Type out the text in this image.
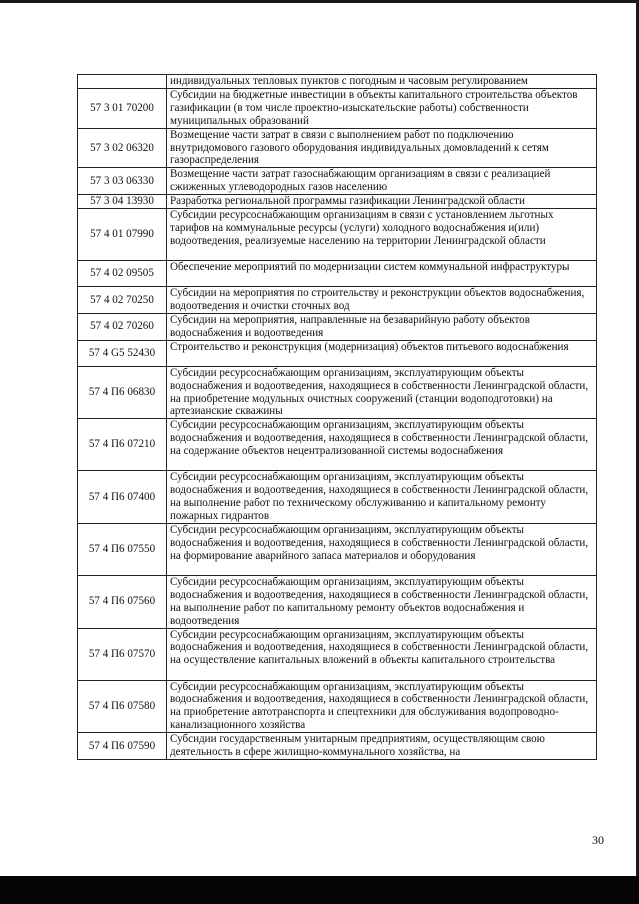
	индивидуальных тепловых пунктов с погодным и часовым регулированием
57 3 01 70200	Субсидии на бюджетные инвестиции в объекты капитального строительства объектов газификации (в том числе проектно-изыскательские работы) собственности муниципальных образований
57 3 02 06320	Возмещение части затрат в связи с выполнением работ по подключению внутридомового газового оборудования индивидуальных домовладений к сетям газораспределения
57 3 03 06330	Возмещение части затрат газоснабжающим организациям в связи с реализацией сжиженных углеводородных газов населению
57 3 04 13930	Разработка региональной программы газификации Ленинградской области
57 4 01 07990	Субсидии ресурсоснабжающим организациям в связи с установлением льготных тарифов на коммунальные ресурсы (услуги) холодного водоснабжения и(или) водоотведения, реализуемые населению на территории Ленинградской области
57 4 02 09505	Обеспечение мероприятий по модернизации систем коммунальной инфраструктуры
57 4 02 70250	Субсидии на мероприятия по строительству и реконструкции объектов водоснабжения, водоотведения и очистки сточных вод
57 4 02 70260	Субсидии на мероприятия, направленные на безаварийную работу объектов водоснабжения и водоотведения
57 4 G5 52430	Строительство и реконструкция (модернизация) объектов питьевого водоснабжения
57 4 П6 06830	Субсидии ресурсоснабжающим организациям, эксплуатирующим объекты водоснабжения и водоотведения, находящиеся в собственности Ленинградской области, на приобретение модульных очистных сооружений (станции водоподготовки) на артезианские скважины
57 4 П6 07210	Субсидии ресурсоснабжающим организациям, эксплуатирующим объекты водоснабжения и водоотведения, находящиеся в собственности Ленинградской области, на содержание объектов нецентрализованной системы водоснабжения
57 4 П6 07400	Субсидии ресурсоснабжающим организациям, эксплуатирующим объекты водоснабжения и водоотведения, находящиеся в собственности Ленинградской области, на выполнение работ по техническому обслуживанию и капитальному ремонту пожарных гидрантов
57 4 П6 07550	Субсидии ресурсоснабжающим организациям, эксплуатирующим объекты водоснабжения и водоотведения, находящиеся в собственности Ленинградской области, на формирование аварийного запаса материалов и оборудования
57 4 П6 07560	Субсидии ресурсоснабжающим организациям, эксплуатирующим объекты водоснабжения и водоотведения, находящиеся в собственности Ленинградской области, на выполнение работ по капитальному ремонту объектов водоснабжения и водоотведения
57 4 П6 07570	Субсидии ресурсоснабжающим организациям, эксплуатирующим объекты водоснабжения и водоотведения, находящиеся в собственности Ленинградской области, на осуществление капитальных вложений в объекты капитального строительства
57 4 П6 07580	Субсидии ресурсоснабжающим организациям, эксплуатирующим объекты водоснабжения и водоотведения, находящиеся в собственности Ленинградской области, на приобретение автотранспорта и спецтехники для обслуживания водопроводно-канализационного хозяйства
57 4 П6 07590	Субсидии государственным унитарным предприятиям, осуществляющим свою деятельность в сфере жилищно-коммунального хозяйства, на
30
